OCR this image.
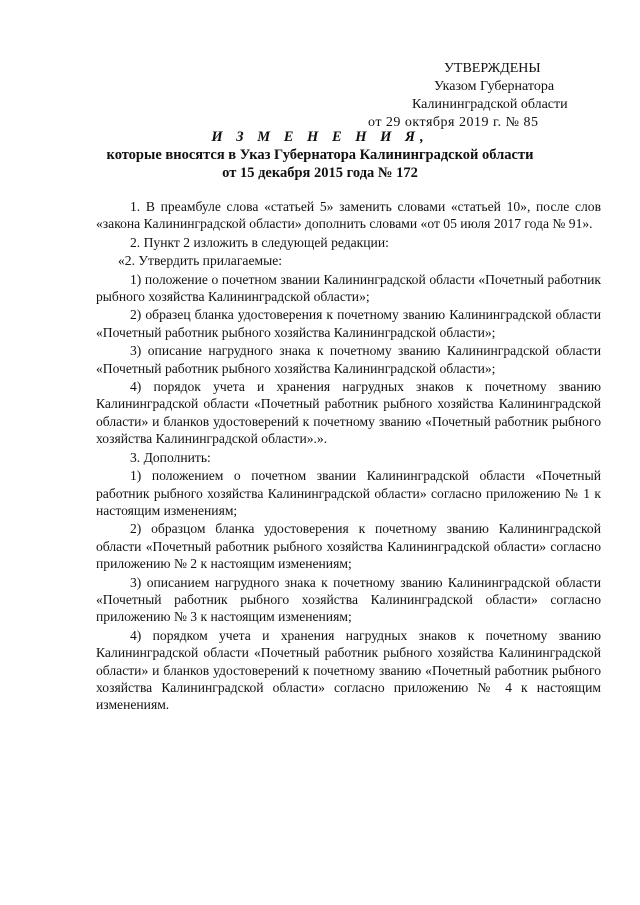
УТВЕРЖДЕНЫ
Указом Губернатора
Калининградской области
от 29 октября 2019 г. № 85
И З М Е Н Е Н И Я,
которые вносятся в Указ Губернатора Калининградской области
от 15 декабря 2015 года № 172

1. В преамбуле слова «статьей 5» заменить словами «статьей 10», после слов «закона Калининградской области» дополнить словами «от 05 июля 2017 года № 91».

2. Пункт 2 изложить в следующей редакции:

«2. Утвердить прилагаемые:

1) положение о почетном звании Калининградской области «Почетный работник рыбного хозяйства Калининградской области»;

2) образец бланка удостоверения к почетному званию Калининградской области «Почетный работник рыбного хозяйства Калининградской области»;

3) описание нагрудного знака к почетному званию Калининградской области «Почетный работник рыбного хозяйства Калининградской области»;

4) порядок учета и хранения нагрудных знаков к почетному званию Калининградской области «Почетный работник рыбного хозяйства Калининградской области» и бланков удостоверений к почетному званию «Почетный работник рыбного хозяйства Калининградской области».».

3. Дополнить:

1) положением о почетном звании Калининградской области «Почетный работник рыбного хозяйства Калининградской области» согласно приложению № 1 к настоящим изменениям;

2) образцом бланка удостоверения к почетному званию Калининградской области «Почетный работник рыбного хозяйства Калининградской области» согласно приложению № 2 к настоящим изменениям;

3) описанием нагрудного знака к почетному званию Калининградской области «Почетный работник рыбного хозяйства Калининградской области» согласно приложению № 3 к настоящим изменениям;

4) порядком учета и хранения нагрудных знаков к почетному званию Калининградской области «Почетный работник рыбного хозяйства Калининградской области» и бланков удостоверений к почетному званию «Почетный работник рыбного хозяйства Калининградской области» согласно приложению № 4 к настоящим изменениям.
